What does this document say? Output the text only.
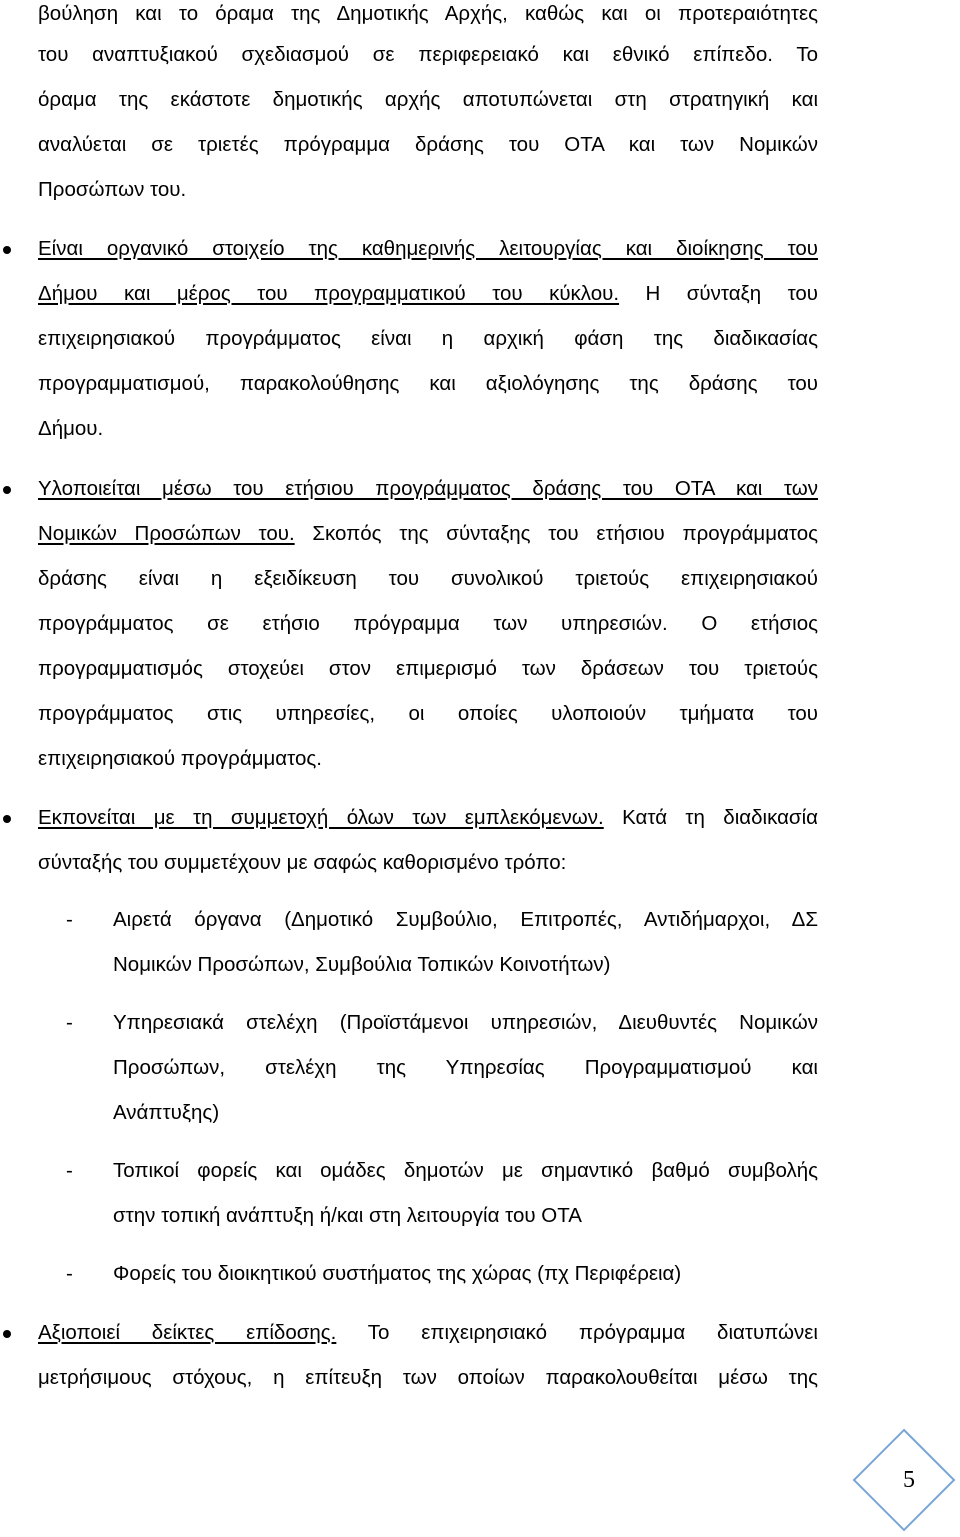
βούληση και το όραμα της Δημοτικής Αρχής, καθώς και οι προτεραιότητες
του αναπτυξιακού σχεδιασμού σε περιφερειακό και εθνικό επίπεδο. Το
όραμα της εκάστοτε δημοτικής αρχής αποτυπώνεται στη στρατηγική και
αναλύεται σε τριετές πρόγραμμα δράσης του ΟΤΑ και των Νομικών
Προσώπων του.
Είναι οργανικό στοιχείο της καθημερινής λειτουργίας και διοίκησης του
Δήμου και μέρος του προγραμματικού του κύκλου. Η σύνταξη του
επιχειρησιακού προγράμματος είναι η αρχική φάση της διαδικασίας
προγραμματισμού, παρακολούθησης και αξιολόγησης της δράσης του
Δήμου.
Υλοποιείται μέσω του ετήσιου προγράμματος δράσης του ΟΤΑ και των
Νομικών Προσώπων του. Σκοπός της σύνταξης του ετήσιου προγράμματος
δράσης είναι η εξειδίκευση του συνολικού τριετούς επιχειρησιακού
προγράμματος σε ετήσιο πρόγραμμα των υπηρεσιών. Ο ετήσιος
προγραμματισμός στοχεύει στον επιμερισμό των δράσεων του τριετούς
προγράμματος στις υπηρεσίες, οι οποίες υλοποιούν τμήματα του
επιχειρησιακού προγράμματος.
Εκπονείται με τη συμμετοχή όλων των εμπλεκόμενων. Κατά τη διαδικασία
σύνταξής του συμμετέχουν με σαφώς καθορισμένο τρόπο:
- Αιρετά όργανα (Δημοτικό Συμβούλιο, Επιτροπές, Αντιδήμαρχοι, ΔΣ
Νομικών Προσώπων, Συμβούλια Τοπικών Κοινοτήτων)
- Υπηρεσιακά στελέχη (Προϊστάμενοι υπηρεσιών, Διευθυντές Νομικών
Προσώπων, στελέχη της Υπηρεσίας Προγραμματισμού και
Ανάπτυξης)
- Τοπικοί φορείς και ομάδες δημοτών με σημαντικό βαθμό συμβολής
στην τοπική ανάπτυξη ή/και στη λειτουργία του ΟΤΑ
- Φορείς του διοικητικού συστήματος της χώρας (πχ Περιφέρεια)
Αξιοποιεί δείκτες επίδοσης. Το επιχειρησιακό πρόγραμμα διατυπώνει
μετρήσιμους στόχους, η επίτευξη των οποίων παρακολουθείται μέσω της
5
